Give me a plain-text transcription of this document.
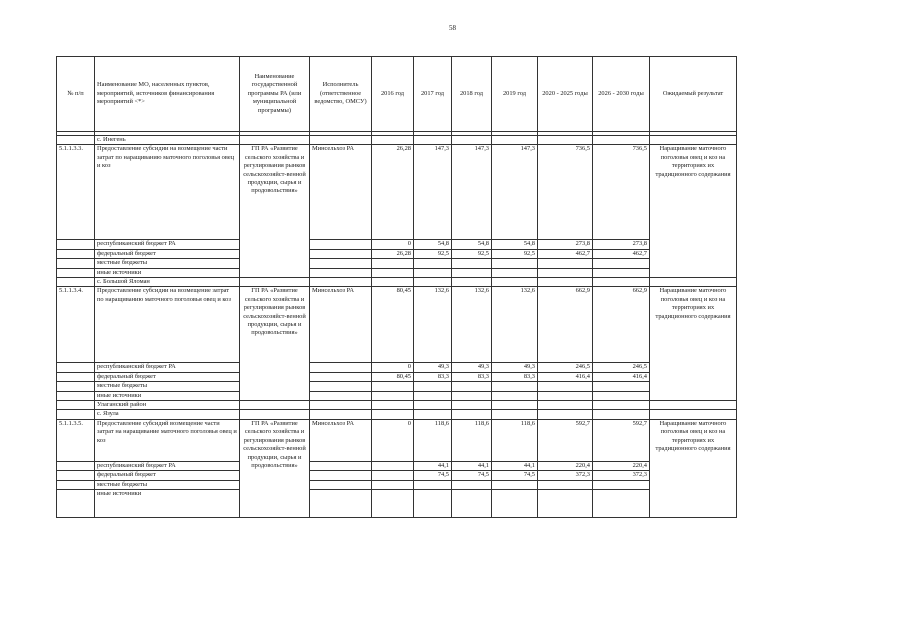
58
№ п/п	Наименование МО, населенных пунктов, мероприятий, источников финансирования мероприятий <*>	Наименование государственной программы РА (или муниципальной программы)	Исполнитель (ответственное ведомство, ОМСУ)	2016 год	2017 год	2018 год	2019 год	2020 - 2025 годы	2026 - 2030 годы	Ожидаемый результат

	с. Инегень									
5.1.1.3.3.	Предоставление субсидии на возмещение части затрат по наращиванию маточного поголовья овец и коз	ГП РА «Развитие сельского хозяйства и регулирования рынков сельскохозяйст-венной продукции, сырья и продовольствия»	Минсельхоз РА	26,28	147,3	147,3	147,3	736,5	736,5	Наращивание маточного поголовья овец и коз на территориях их традиционного содержания
	республиканский бюджет РА			0	54,8	54,8	54,8	273,8	273,8	
	федеральный бюджет			26,28	92,5	92,5	92,5	462,7	462,7	
	местные бюджеты									
	иные источники									
	с. Большой Яломан									
5.1.1.3.4.	Предоставление субсидии на возмещение затрат по наращиванию маточного поголовья овец и коз	ГП РА «Развитие сельского хозяйства и регулирования рынков сельскохозяйст-венной продукции, сырья и продовольствия»	Минсельхоз РА	80,45	132,6	132,6	132,6	662,9	662,9	Наращивание маточного поголовья овец и коз на территориях их традиционного содержания
	республиканский бюджет РА			0	49,3	49,3	49,3	246,5	246,5	
	федеральный бюджет			80,45	83,3	83,3	83,3	416,4	416,4	
	местные бюджеты									
	иные источники									
	Улаганский район									
	с. Язула									
5.1.1.3.5.	Предоставление субсидий возмещение части затрат на наращивание маточного поголовья овец и коз	ГП РА «Развитие сельского хозяйства и регулирования рынков сельскохозяйст-венной продукции, сырья и продовольствия»	Минсельхоз РА	0	118,6	118,6	118,6	592,7	592,7	Наращивание маточного поголовья овец и коз на территориях их традиционного содержания
	республиканский бюджет РА				44,1	44,1	44,1	220,4	220,4	
	федеральный бюджет				74,5	74,5	74,5	372,3	372,3	
	местные бюджеты									
	иные источники									
